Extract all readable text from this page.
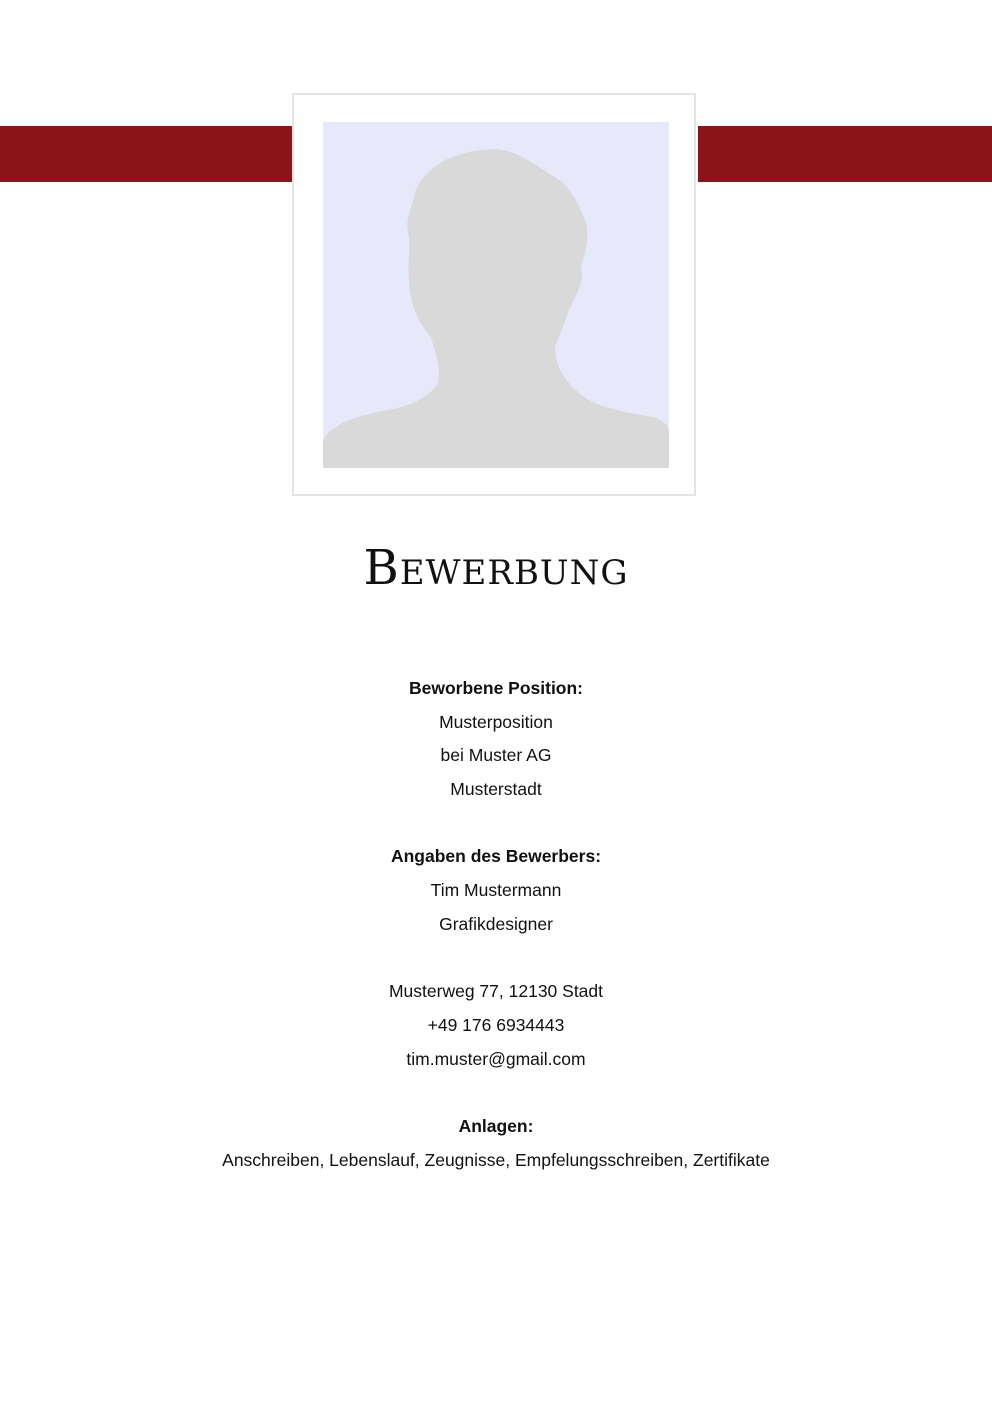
Bewerbung
Beworbene Position:
Musterposition
bei Muster AG
Musterstadt
Angaben des Bewerbers:
Tim Mustermann
Grafikdesigner
Musterweg 77, 12130 Stadt
+49 176 6934443
tim.muster@gmail.com
Anlagen:
Anschreiben, Lebenslauf, Zeugnisse, Empfelungsschreiben, Zertifikate
